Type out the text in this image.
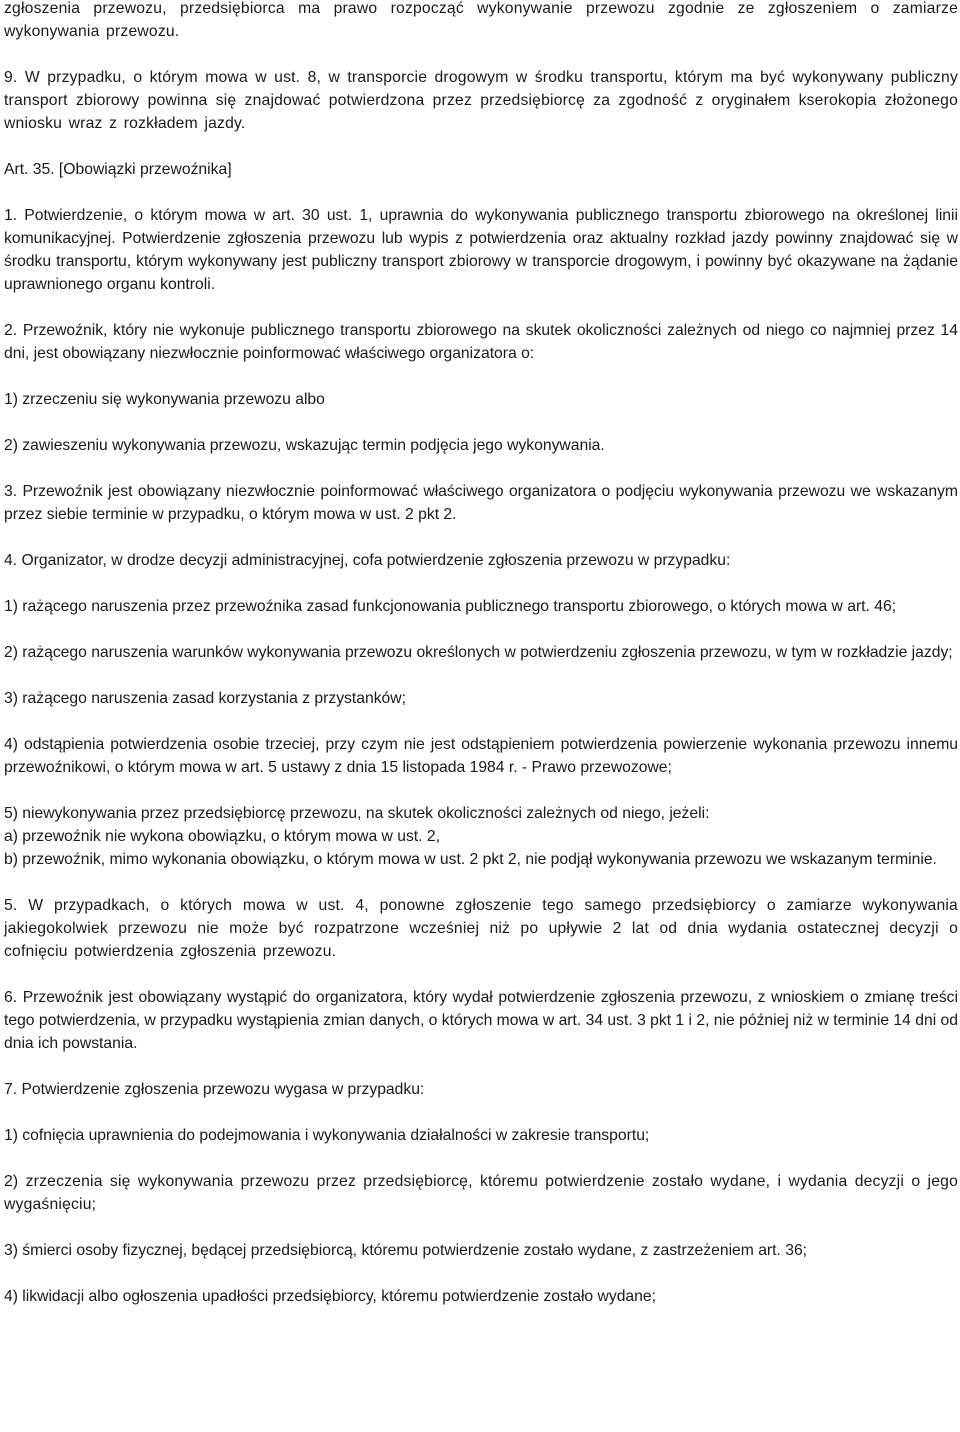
zgłoszenia przewozu, przedsiębiorca ma prawo rozpocząć wykonywanie przewozu zgodnie ze zgłoszeniem o zamiarze wykonywania przewozu.

9. W przypadku, o którym mowa w ust. 8, w transporcie drogowym w środku transportu, którym ma być wykonywany publiczny transport zbiorowy powinna się znajdować potwierdzona przez przedsiębiorcę za zgodność z oryginałem kserokopia złożonego wniosku wraz z rozkładem jazdy.

Art. 35. [Obowiązki przewoźnika]

1. Potwierdzenie, o którym mowa w art. 30 ust. 1, uprawnia do wykonywania publicznego transportu zbiorowego na określonej linii komunikacyjnej. Potwierdzenie zgłoszenia przewozu lub wypis z potwierdzenia oraz aktualny rozkład jazdy powinny znajdować się w środku transportu, którym wykonywany jest publiczny transport zbiorowy w transporcie drogowym, i powinny być okazywane na żądanie uprawnionego organu kontroli.

2. Przewoźnik, który nie wykonuje publicznego transportu zbiorowego na skutek okoliczności zależnych od niego co najmniej przez 14 dni, jest obowiązany niezwłocznie poinformować właściwego organizatora o:

1) zrzeczeniu się wykonywania przewozu albo

2) zawieszeniu wykonywania przewozu, wskazując termin podjęcia jego wykonywania.

3. Przewoźnik jest obowiązany niezwłocznie poinformować właściwego organizatora o podjęciu wykonywania przewozu we wskazanym przez siebie terminie w przypadku, o którym mowa w ust. 2 pkt 2.

4. Organizator, w drodze decyzji administracyjnej, cofa potwierdzenie zgłoszenia przewozu w przypadku:

1) rażącego naruszenia przez przewoźnika zasad funkcjonowania publicznego transportu zbiorowego, o których mowa w art. 46;

2) rażącego naruszenia warunków wykonywania przewozu określonych w potwierdzeniu zgłoszenia przewozu, w tym w rozkładzie jazdy;

3) rażącego naruszenia zasad korzystania z przystanków;

4) odstąpienia potwierdzenia osobie trzeciej, przy czym nie jest odstąpieniem potwierdzenia powierzenie wykonania przewozu innemu przewoźnikowi, o którym mowa w art. 5 ustawy z dnia 15 listopada 1984 r. - Prawo przewozowe;

5) niewykonywania przez przedsiębiorcę przewozu, na skutek okoliczności zależnych od niego, jeżeli:

a) przewoźnik nie wykona obowiązku, o którym mowa w ust. 2,

b) przewoźnik, mimo wykonania obowiązku, o którym mowa w ust. 2 pkt 2, nie podjął wykonywania przewozu we wskazanym terminie.

5. W przypadkach, o których mowa w ust. 4, ponowne zgłoszenie tego samego przedsiębiorcy o zamiarze wykonywania jakiegokolwiek przewozu nie może być rozpatrzone wcześniej niż po upływie 2 lat od dnia wydania ostatecznej decyzji o cofnięciu potwierdzenia zgłoszenia przewozu.

6. Przewoźnik jest obowiązany wystąpić do organizatora, który wydał potwierdzenie zgłoszenia przewozu, z wnioskiem o zmianę treści tego potwierdzenia, w przypadku wystąpienia zmian danych, o których mowa w art. 34 ust. 3 pkt 1 i 2, nie później niż w terminie 14 dni od dnia ich powstania.

7. Potwierdzenie zgłoszenia przewozu wygasa w przypadku:

1) cofnięcia uprawnienia do podejmowania i wykonywania działalności w zakresie transportu;

2) zrzeczenia się wykonywania przewozu przez przedsiębiorcę, któremu potwierdzenie zostało wydane, i wydania decyzji o jego wygaśnięciu;

3) śmierci osoby fizycznej, będącej przedsiębiorcą, któremu potwierdzenie zostało wydane, z zastrzeżeniem art. 36;

4) likwidacji albo ogłoszenia upadłości przedsiębiorcy, któremu potwierdzenie zostało wydane;
